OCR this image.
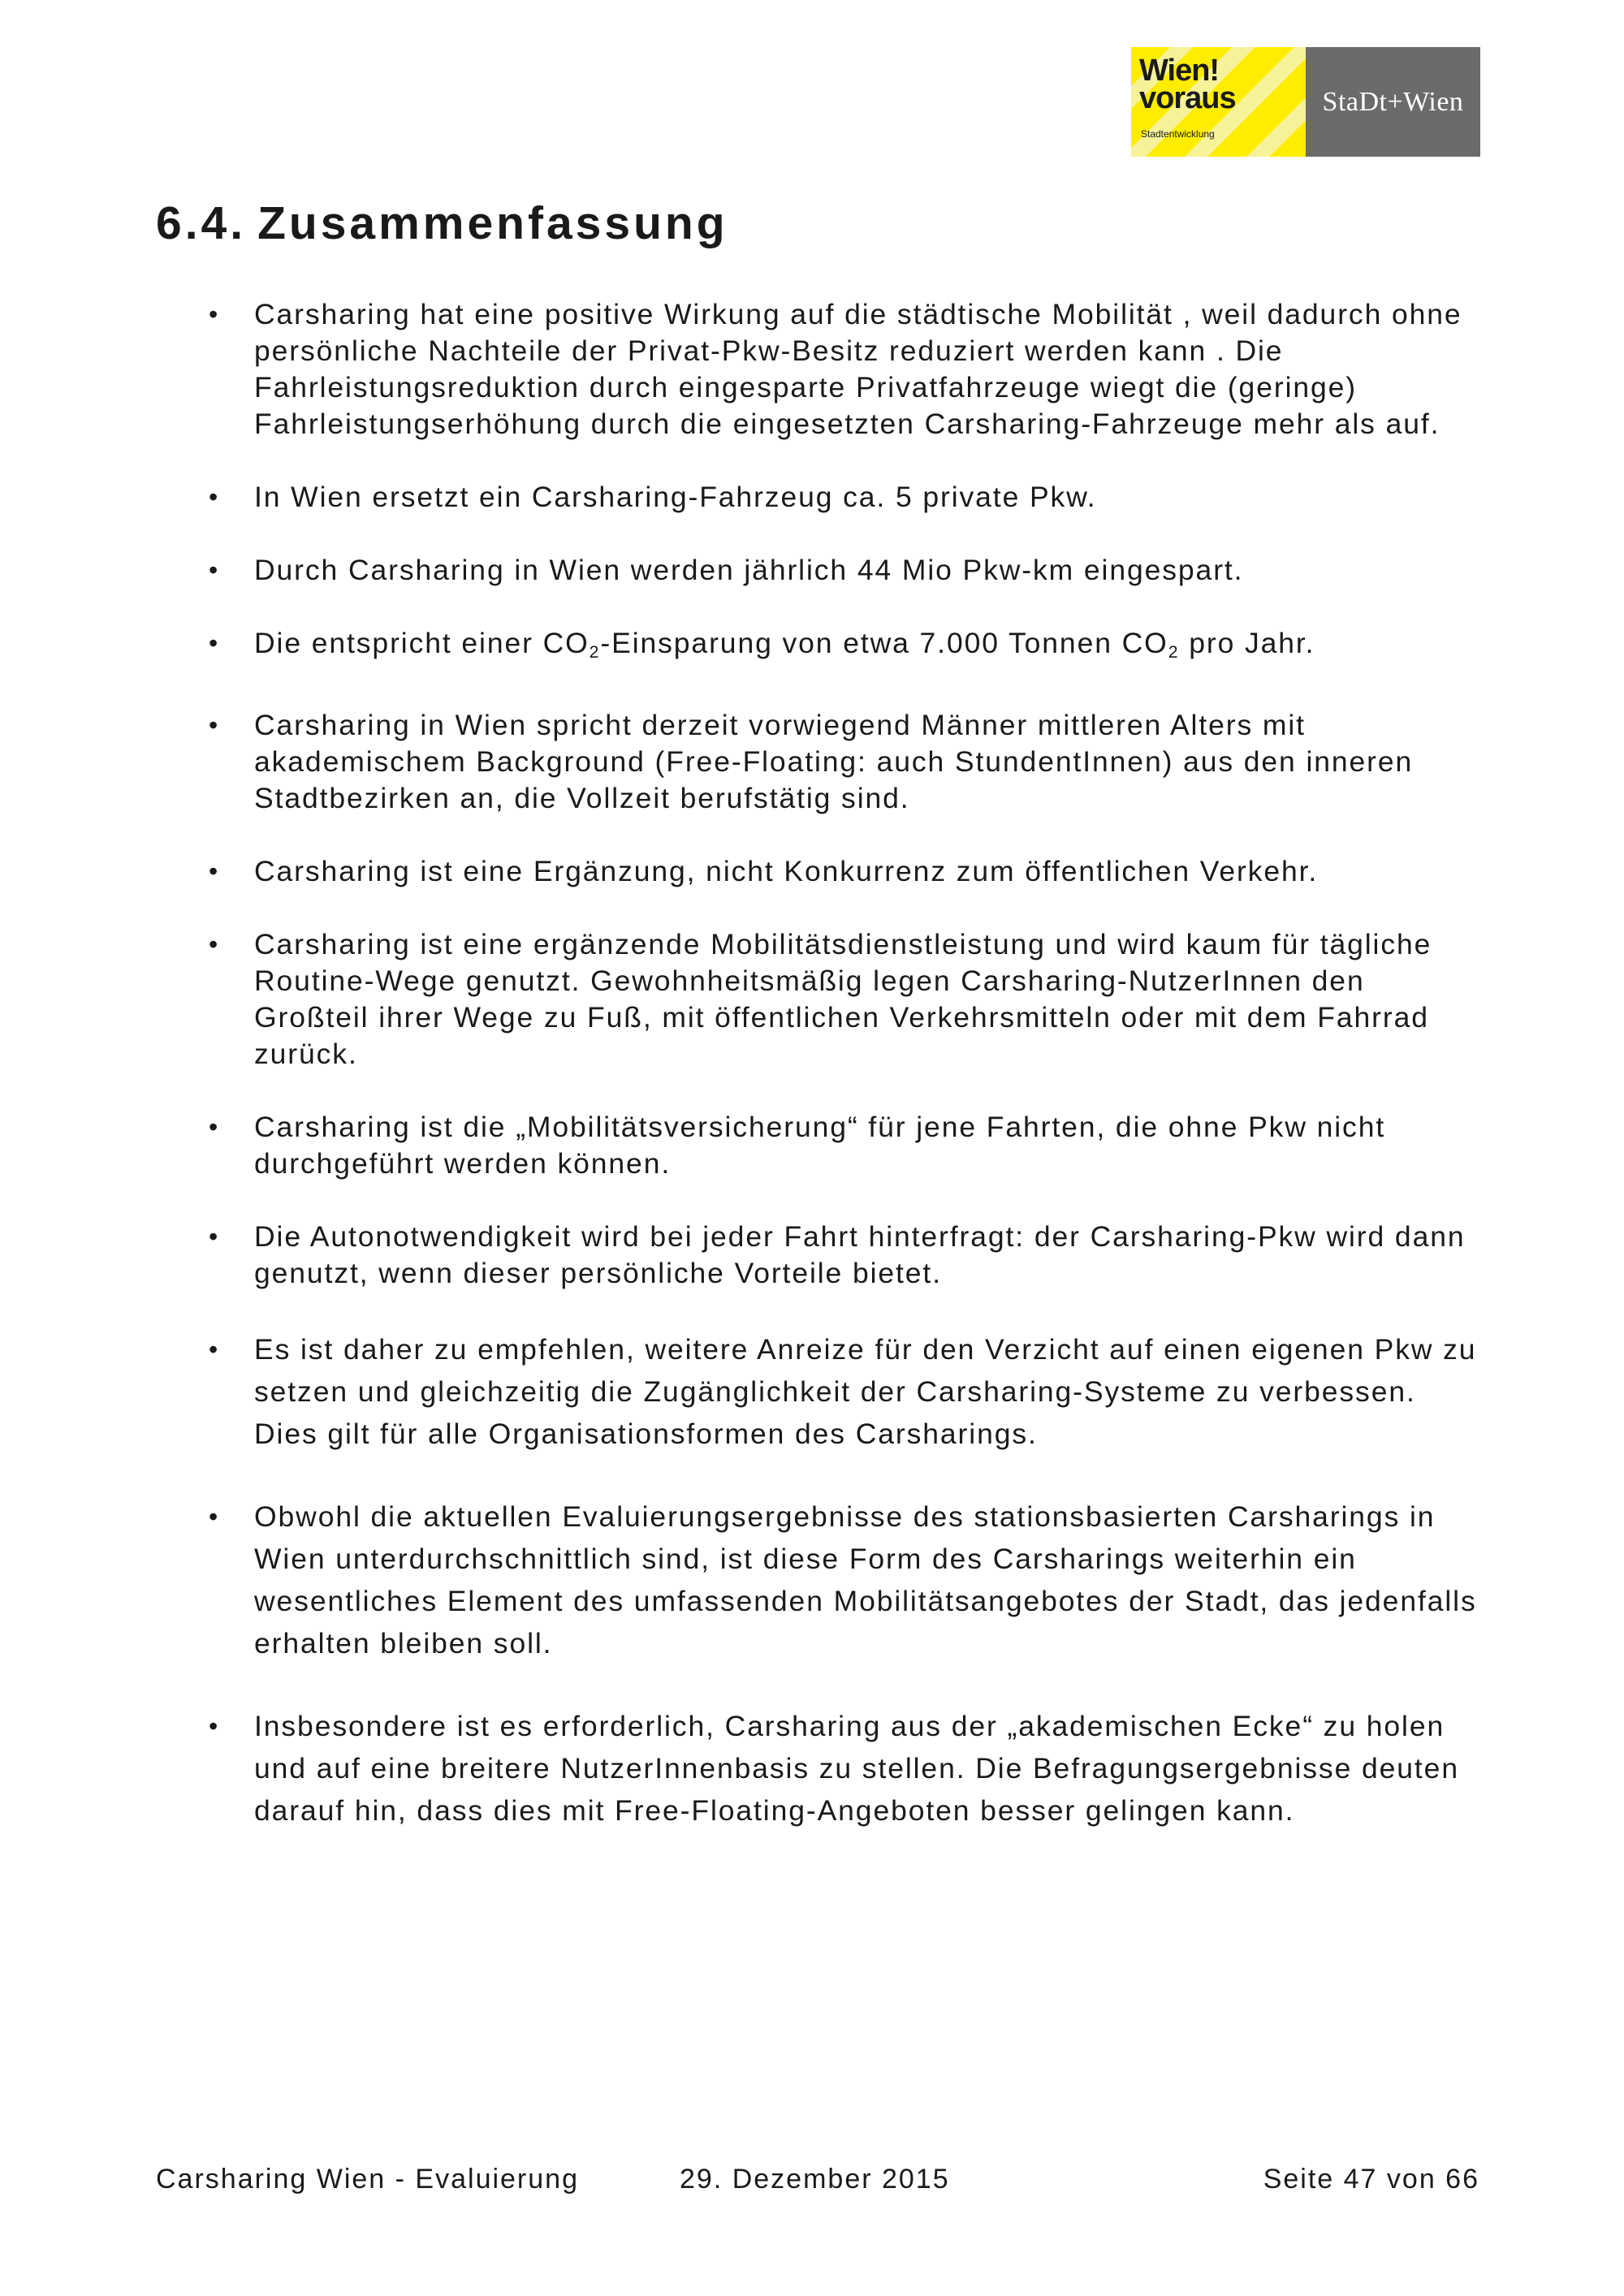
Wien!
voraus
Stadtentwicklung
StaDt+Wien
6.4. Zusammenfassung
• Carsharing hat eine positive Wirkung auf die städtische Mobilität , weil dadurch ohne persönliche Nachteile der Privat-Pkw-Besitz reduziert werden kann . Die Fahrleistungsreduktion durch eingesparte Privatfahrzeuge wiegt die (geringe) Fahrleistungserhöhung durch die eingesetzten Carsharing-Fahrzeuge mehr als auf.
• In Wien ersetzt ein Carsharing-Fahrzeug ca. 5 private Pkw.
• Durch Carsharing in Wien werden jährlich 44 Mio Pkw-km eingespart.
• Die entspricht einer $CO_2$-Einsparung von etwa 7.000 Tonnen $CO_2$ pro Jahr.
• Carsharing in Wien spricht derzeit vorwiegend Männer mittleren Alters mit akademischem Background (Free-Floating: auch StundentInnen) aus den inneren Stadtbezirken an, die Vollzeit berufstätig sind.
• Carsharing ist eine Ergänzung, nicht Konkurrenz zum öffentlichen Verkehr.
• Carsharing ist eine ergänzende Mobilitätsdienstleistung und wird kaum für tägliche Routine-Wege genutzt. Gewohnheitsmäßig legen Carsharing-NutzerInnen den Großteil ihrer Wege zu Fuß, mit öffentlichen Verkehrsmitteln oder mit dem Fahrrad zurück.
• Carsharing ist die „Mobilitätsversicherung“ für jene Fahrten, die ohne Pkw nicht durchgeführt werden können.
• Die Autonotwendigkeit wird bei jeder Fahrt hinterfragt: der Carsharing-Pkw wird dann genutzt, wenn dieser persönliche Vorteile bietet.
• Es ist daher zu empfehlen, weitere Anreize für den Verzicht auf einen eigenen Pkw zu setzen und gleichzeitig die Zugänglichkeit der Carsharing-Systeme zu verbessen. Dies gilt für alle Organisationsformen des Carsharings.
• Obwohl die aktuellen Evaluierungsergebnisse des stationsbasierten Carsharings in Wien unterdurchschnittlich sind, ist diese Form des Carsharings weiterhin ein wesentliches Element des umfassenden Mobilitätsangebotes der Stadt, das jedenfalls erhalten bleiben soll.
• Insbesondere ist es erforderlich, Carsharing aus der „akademischen Ecke“ zu holen und auf eine breitere NutzerInnenbasis zu stellen. Die Befragungsergebnisse deuten darauf hin, dass dies mit Free-Floating-Angeboten besser gelingen kann.
Carsharing Wien - Evaluierung	29. Dezember 2015	Seite 47 von 66
